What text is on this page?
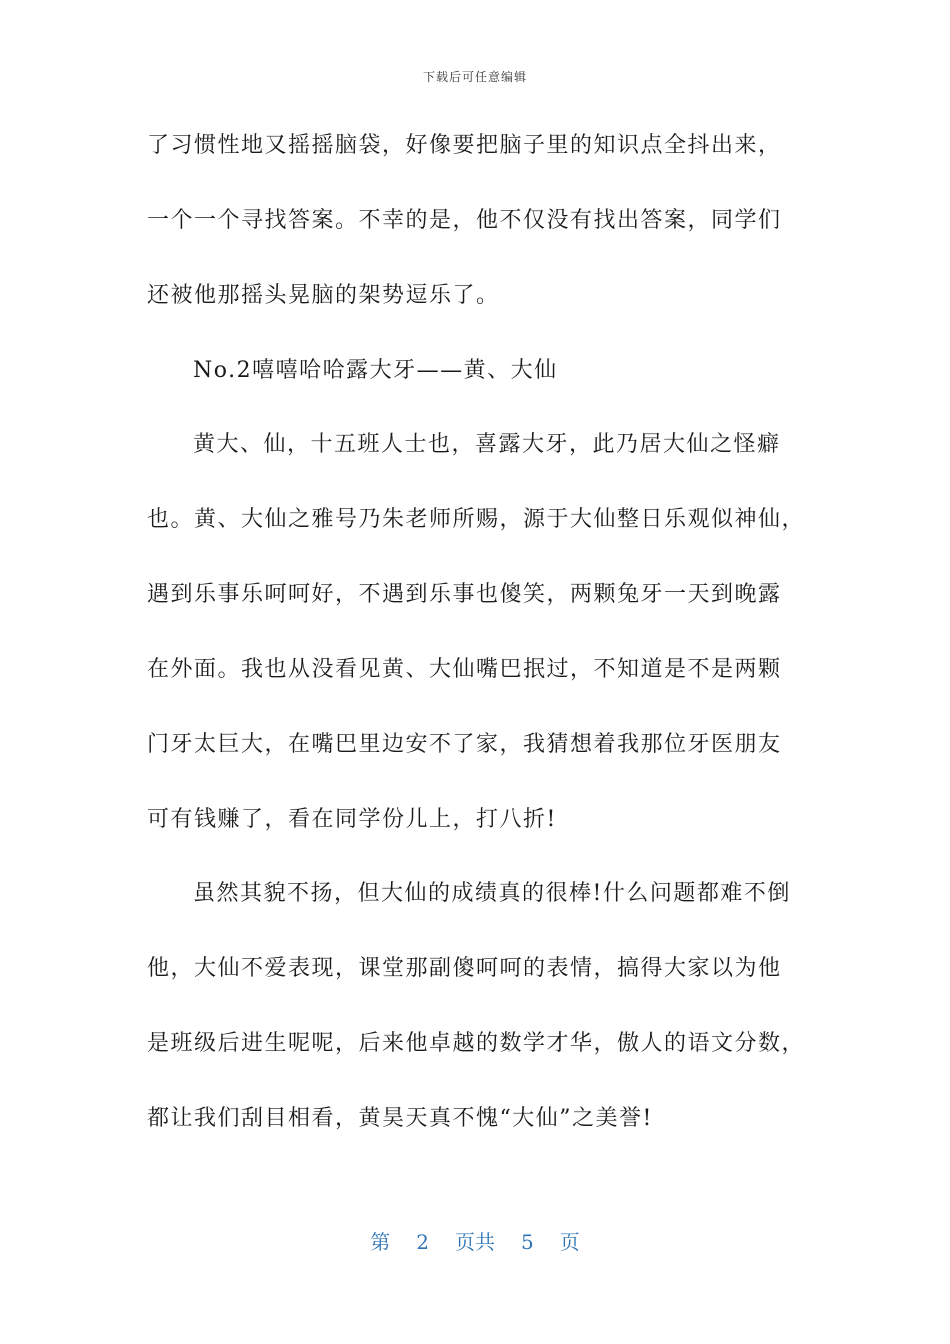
下载后可任意编辑
了习惯性地又摇摇脑袋，好像要把脑子里的知识点全抖出来，
一个一个寻找答案。不幸的是，他不仅没有找出答案，同学们
还被他那摇头晃脑的架势逗乐了。
No.2嘻嘻哈哈露大牙——黄、大仙
黄大、仙，十五班人士也，喜露大牙，此乃居大仙之怪癖
也。黄、大仙之雅号乃朱老师所赐，源于大仙整日乐观似神仙，
遇到乐事乐呵呵好，不遇到乐事也傻笑，两颗兔牙一天到晚露
在外面。我也从没看见黄、大仙嘴巴抿过，不知道是不是两颗
门牙太巨大，在嘴巴里边安不了家，我猜想着我那位牙医朋友
可有钱赚了，看在同学份儿上，打八折!
虽然其貌不扬，但大仙的成绩真的很棒!什么问题都难不倒
他，大仙不爱表现，课堂那副傻呵呵的表情，搞得大家以为他
是班级后进生呢呢，后来他卓越的数学才华，傲人的语文分数，
都让我们刮目相看，黄昊天真不愧“大仙”之美誉!
第 2 页共 5 页
